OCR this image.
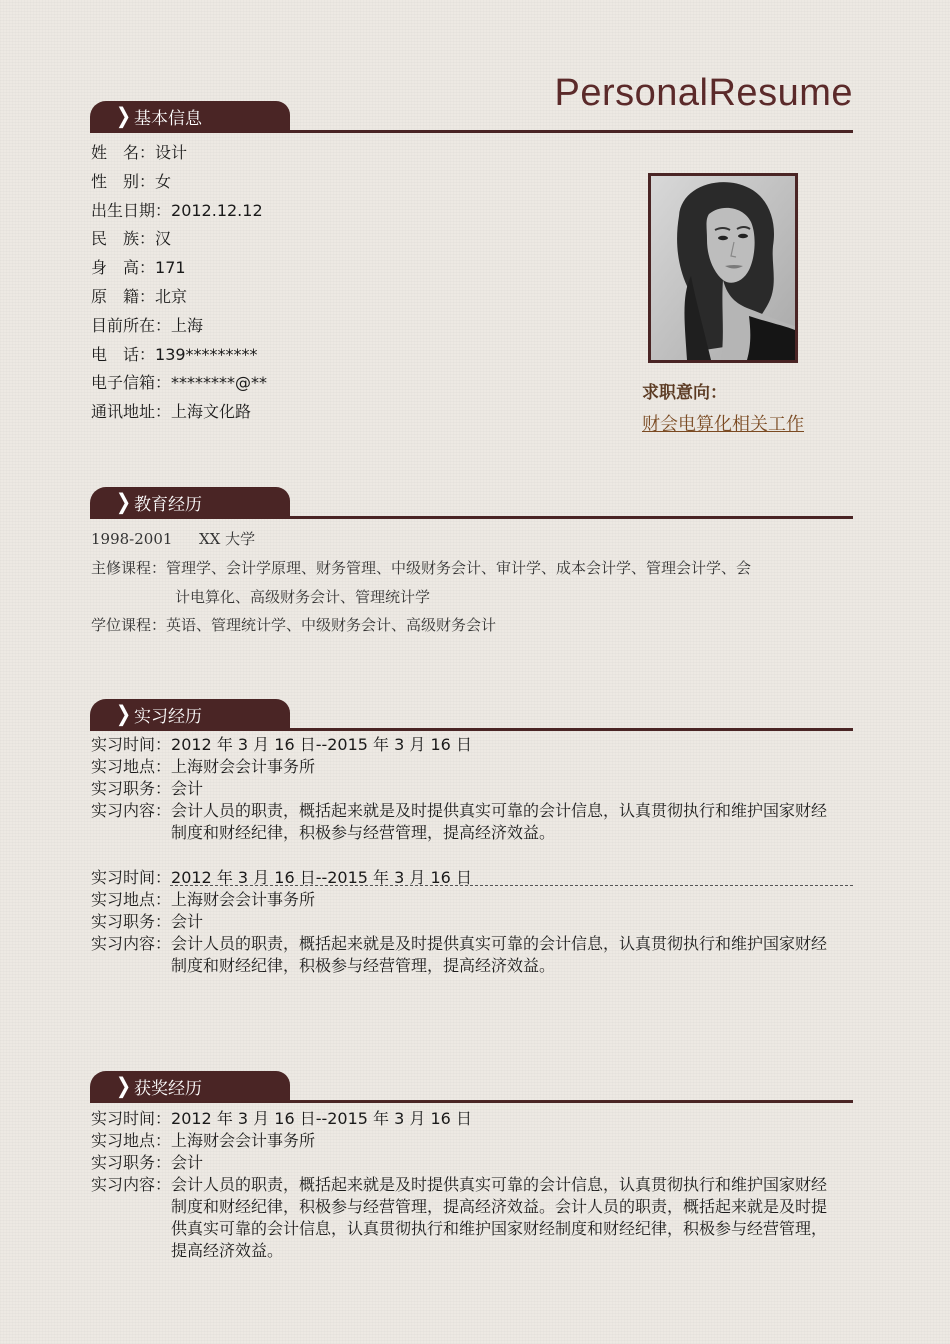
PersonalResume
❯ 基本信息
姓　名： 设计
性　别： 女
出生日期： 2012.12.12
民　族： 汉
身　高： 171
原　籍： 北京
目前所在： 上海
电　话： 139*********
电子信箱： ********@**
通讯地址： 上海文化路
求职意向：
财会电算化相关工作
❯ 教育经历
1998-2001	XX 大学
主修课程： 管理学、会计学原理、财务管理、中级财务会计、审计学、成本会计学、管理会计学、会
计电算化、高级财务会计、管理统计学
学位课程： 英语、管理统计学、中级财务会计、高级财务会计
❯ 实习经历
实习时间： 2012 年 3 月 16 日--2015 年 3 月 16 日
实习地点： 上海财会会计事务所
实习职务： 会计
实习内容： 会计人员的职责，概括起来就是及时提供真实可靠的会计信息，认真贯彻执行和维护国家财经制度和财经纪律，积极参与经营管理，提高经济效益。
实习时间： 2012 年 3 月 16 日--2015 年 3 月 16 日
实习地点： 上海财会会计事务所
实习职务： 会计
实习内容： 会计人员的职责，概括起来就是及时提供真实可靠的会计信息，认真贯彻执行和维护国家财经制度和财经纪律，积极参与经营管理，提高经济效益。
❯ 获奖经历
实习时间： 2012 年 3 月 16 日--2015 年 3 月 16 日
实习地点： 上海财会会计事务所
实习职务： 会计
实习内容： 会计人员的职责，概括起来就是及时提供真实可靠的会计信息，认真贯彻执行和维护国家财经制度和财经纪律，积极参与经营管理，提高经济效益。会计人员的职责，概括起来就是及时提供真实可靠的会计信息，认真贯彻执行和维护国家财经制度和财经纪律，积极参与经营管理，提高经济效益。
